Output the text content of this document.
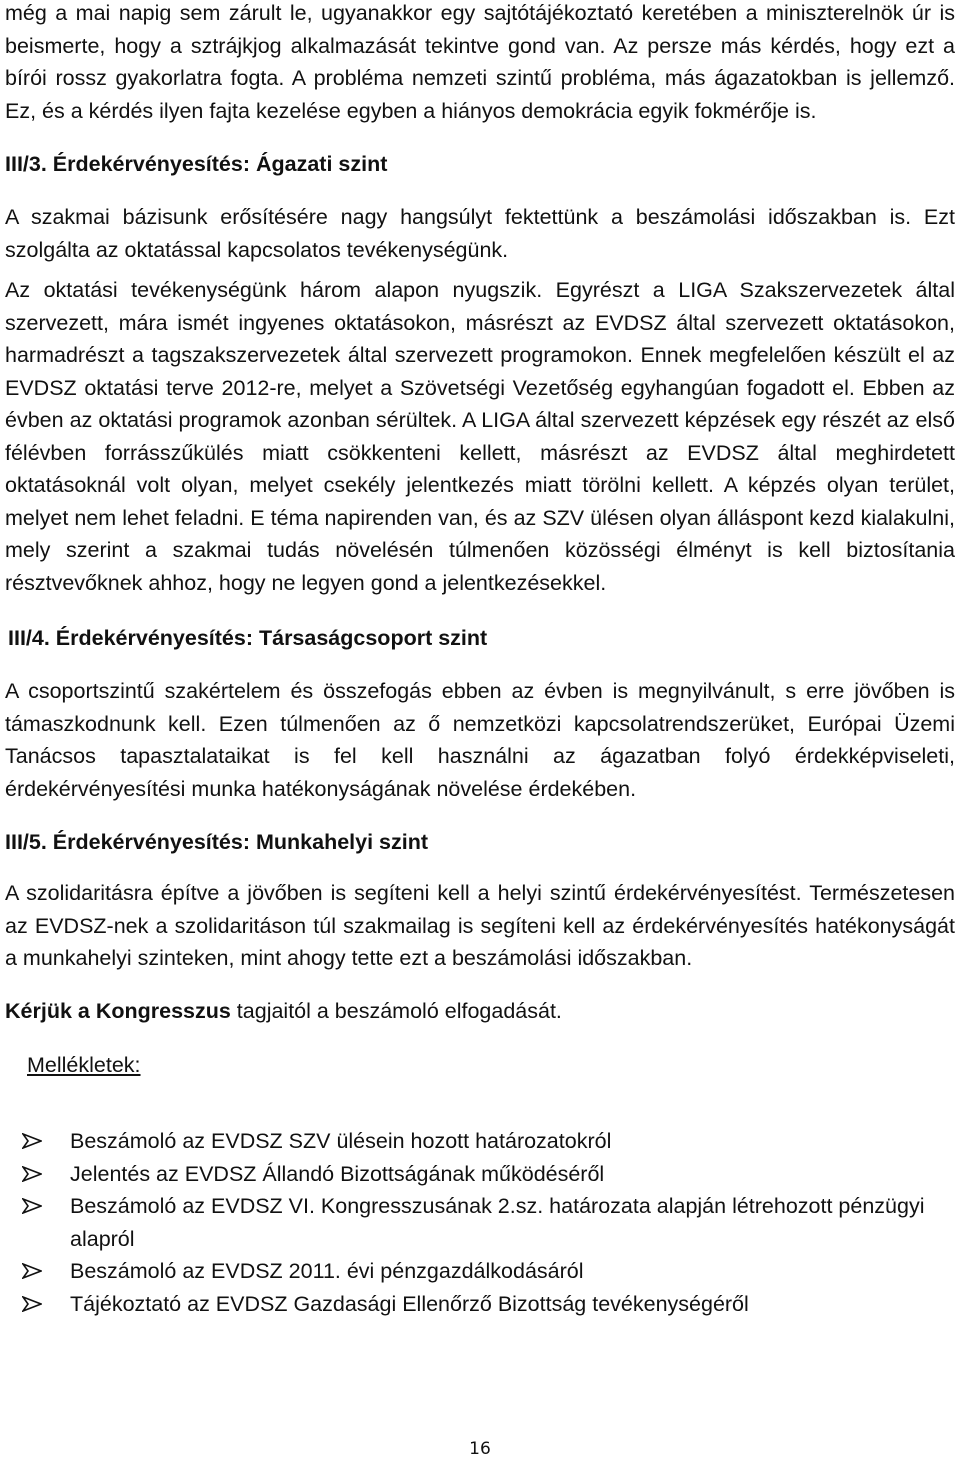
még a mai napig sem zárult le, ugyanakkor egy sajtótájékoztató keretében a miniszterelnök úr is beismerte, hogy a sztrájkjog alkalmazását tekintve gond van. Az persze más kérdés, hogy ezt a bírói rossz gyakorlatra fogta. A probléma nemzeti szintű probléma, más ágazatokban is jellemző. Ez, és a kérdés ilyen fajta kezelése egyben a hiányos demokrácia egyik fokmérője is.

III/3. Érdekérvényesítés: Ágazati szint

A szakmai bázisunk erősítésére nagy hangsúlyt fektettünk a beszámolási időszakban is. Ezt szolgálta az oktatással kapcsolatos tevékenységünk.

Az oktatási tevékenységünk három alapon nyugszik. Egyrészt a LIGA Szakszervezetek által szervezett, mára ismét ingyenes oktatásokon, másrészt az EVDSZ által szervezett oktatásokon, harmadrészt a tagszakszervezetek által szervezett programokon. Ennek megfelelően készült el az EVDSZ oktatási terve 2012-re, melyet a Szövetségi Vezetőség egyhangúan fogadott el. Ebben az évben az oktatási programok azonban sérültek. A LIGA által szervezett képzések egy részét az első félévben forrásszűkülés miatt csökkenteni kellett, másrészt az EVDSZ által meghirdetett oktatásoknál volt olyan, melyet csekély jelentkezés miatt törölni kellett. A képzés olyan terület, melyet nem lehet feladni. E téma napirenden van, és az SZV ülésen olyan álláspont kezd kialakulni, mely szerint a szakmai tudás növelésén túlmenően közösségi élményt is kell biztosítania résztvevőknek ahhoz, hogy ne legyen gond a jelentkezésekkel.

III/4. Érdekérvényesítés: Társaságcsoport szint

A csoportszintű szakértelem és összefogás ebben az évben is megnyilvánult, s erre jövőben is támaszkodnunk kell. Ezen túlmenően az ő nemzetközi kapcsolatrendszerüket, Európai Üzemi Tanácsos tapasztalataikat is fel kell használni az ágazatban folyó érdekképviseleti, érdekérvényesítési munka hatékonyságának növelése érdekében.

III/5. Érdekérvényesítés: Munkahelyi szint

A szolidaritásra építve a jövőben is segíteni kell a helyi szintű érdekérvényesítést. Természetesen az EVDSZ-nek a szolidaritáson túl szakmailag is segíteni kell az érdekérvényesítés hatékonyságát a munkahelyi szinteken, mint ahogy tette ezt a beszámolási időszakban.

Kérjük a Kongresszus tagjaitól a beszámoló elfogadását.

Mellékletek:

Beszámoló az EVDSZ SZV ülésein hozott határozatokról
Jelentés az EVDSZ Állandó Bizottságának működéséről
Beszámoló az EVDSZ VI. Kongresszusának 2.sz. határozata alapján létrehozott pénzügyi alapról
Beszámoló az EVDSZ 2011. évi pénzgazdálkodásáról
Tájékoztató az EVDSZ Gazdasági Ellenőrző Bizottság tevékenységéről
16
